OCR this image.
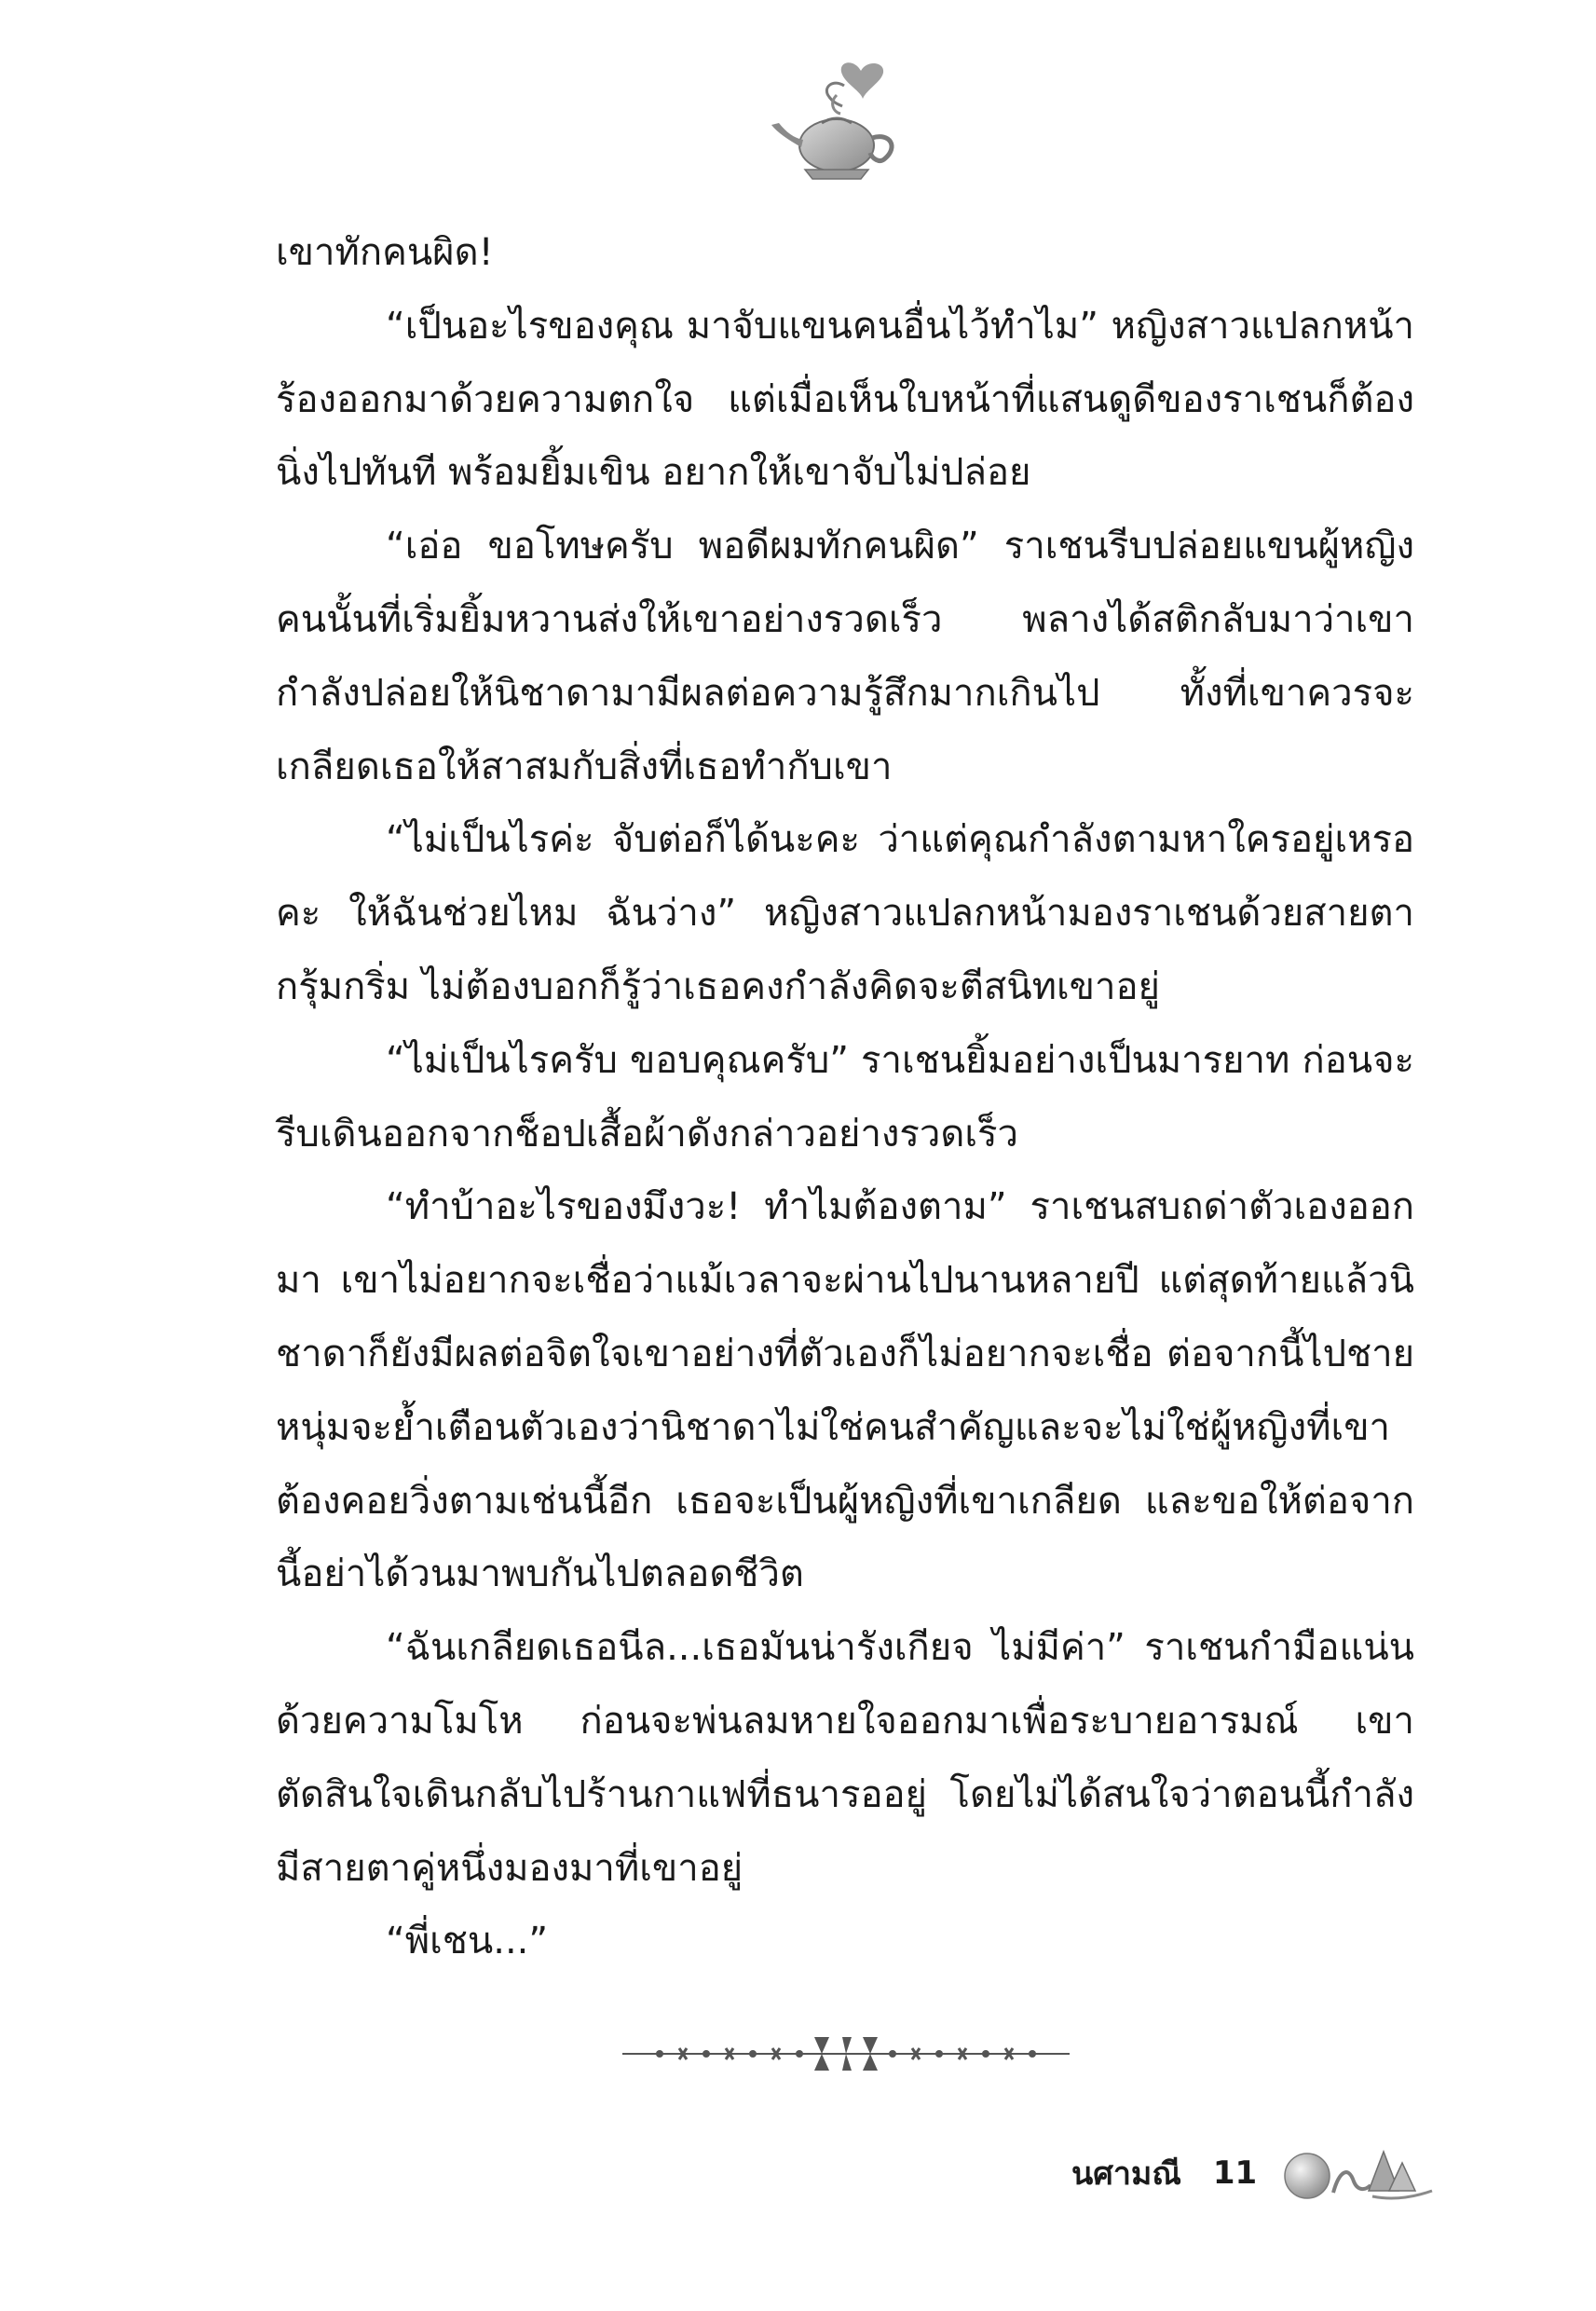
เขาทักคนผิด!

“เป็นอะไรของคุณ มาจับแขนคนอื่นไว้ทำไม” หญิงสาวแปลกหน้าร้องออกมาด้วยความตกใจ แต่เมื่อเห็นใบหน้าที่แสนดูดีของราเชนก็ต้องนิ่งไปทันที พร้อมยิ้มเขิน อยากให้เขาจับไม่ปล่อย

“เอ่อ ขอโทษครับ พอดีผมทักคนผิด” ราเชนรีบปล่อยแขนผู้หญิงคนนั้นที่เริ่มยิ้มหวานส่งให้เขาอย่างรวดเร็ว พลางได้สติกลับมาว่าเขากำลังปล่อยให้นิชาดามามีผลต่อความรู้สึกมากเกินไป ทั้งที่เขาควรจะเกลียดเธอให้สาสมกับสิ่งที่เธอทำกับเขา

“ไม่เป็นไรค่ะ จับต่อก็ได้นะคะ ว่าแต่คุณกำลังตามหาใครอยู่เหรอคะ ให้ฉันช่วยไหม ฉันว่าง” หญิงสาวแปลกหน้ามองราเชนด้วยสายตากรุ้มกริ่ม ไม่ต้องบอกก็รู้ว่าเธอคงกำลังคิดจะตีสนิทเขาอยู่

“ไม่เป็นไรครับ ขอบคุณครับ” ราเชนยิ้มอย่างเป็นมารยาท ก่อนจะรีบเดินออกจากช็อปเสื้อผ้าดังกล่าวอย่างรวดเร็ว

“ทำบ้าอะไรของมึงวะ! ทำไมต้องตาม” ราเชนสบถด่าตัวเองออกมา เขาไม่อยากจะเชื่อว่าแม้เวลาจะผ่านไปนานหลายปี แต่สุดท้ายแล้วนิชาดาก็ยังมีผลต่อจิตใจเขาอย่างที่ตัวเองก็ไม่อยากจะเชื่อ ต่อจากนี้ไปชายหนุ่มจะย้ำเตือนตัวเองว่านิชาดาไม่ใช่คนสำคัญและจะไม่ใช่ผู้หญิงที่เขาต้องคอยวิ่งตามเช่นนี้อีก เธอจะเป็นผู้หญิงที่เขาเกลียด และขอให้ต่อจากนี้อย่าได้วนมาพบกันไปตลอดชีวิต

“ฉันเกลียดเธอนีล...เธอมันน่ารังเกียจ ไม่มีค่า” ราเชนกำมือแน่นด้วยความโมโห ก่อนจะพ่นลมหายใจออกมาเพื่อระบายอารมณ์ เขาตัดสินใจเดินกลับไปร้านกาแฟที่ธนารออยู่ โดยไม่ได้สนใจว่าตอนนี้กำลังมีสายตาคู่หนึ่งมองมาที่เขาอยู่

“พี่เชน...”

นศามณี 11
